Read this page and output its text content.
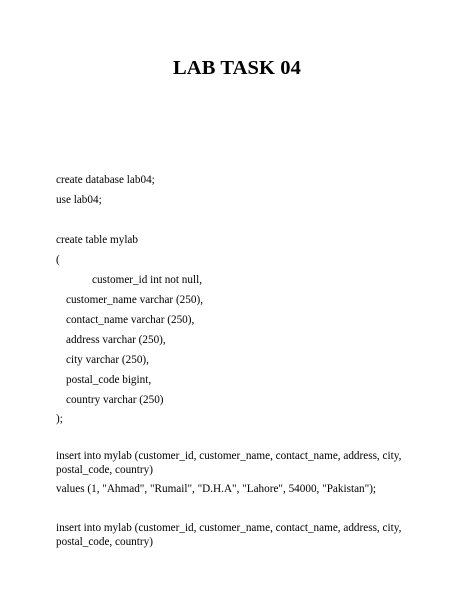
LAB TASK 04
create database lab04;
use lab04;
create table mylab
(
customer_id int not null,
customer_name varchar (250),
contact_name varchar (250),
address varchar (250),
city varchar (250),
postal_code bigint,
country varchar (250)
);
insert into mylab (customer_id, customer_name, contact_name, address, city, postal_code, country)
values (1, "Ahmad", "Rumail", "D.H.A", "Lahore", 54000, "Pakistan");
insert into mylab (customer_id, customer_name, contact_name, address, city, postal_code, country)
